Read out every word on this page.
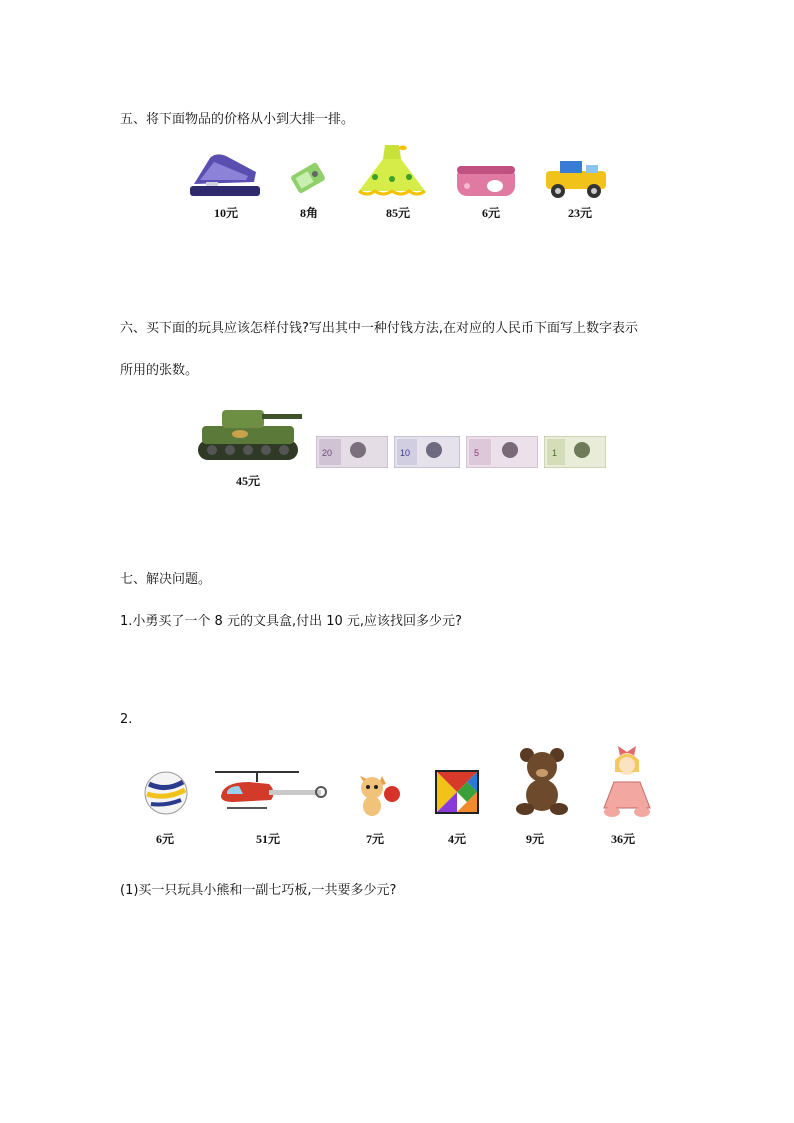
五、将下面物品的价格从小到大排一排。
10元	8角	85元	6元	23元
六、买下面的玩具应该怎样付钱?写出其中一种付钱方法,在对应的人民币下面写上数字表示
所用的张数。
45元
20	10	5	1
七、解决问题。
1.小勇买了一个 8 元的文具盒,付出 10 元,应该找回多少元?
2.
6元	51元	7元	4元	9元	36元
(1)买一只玩具小熊和一副七巧板,一共要多少元?
